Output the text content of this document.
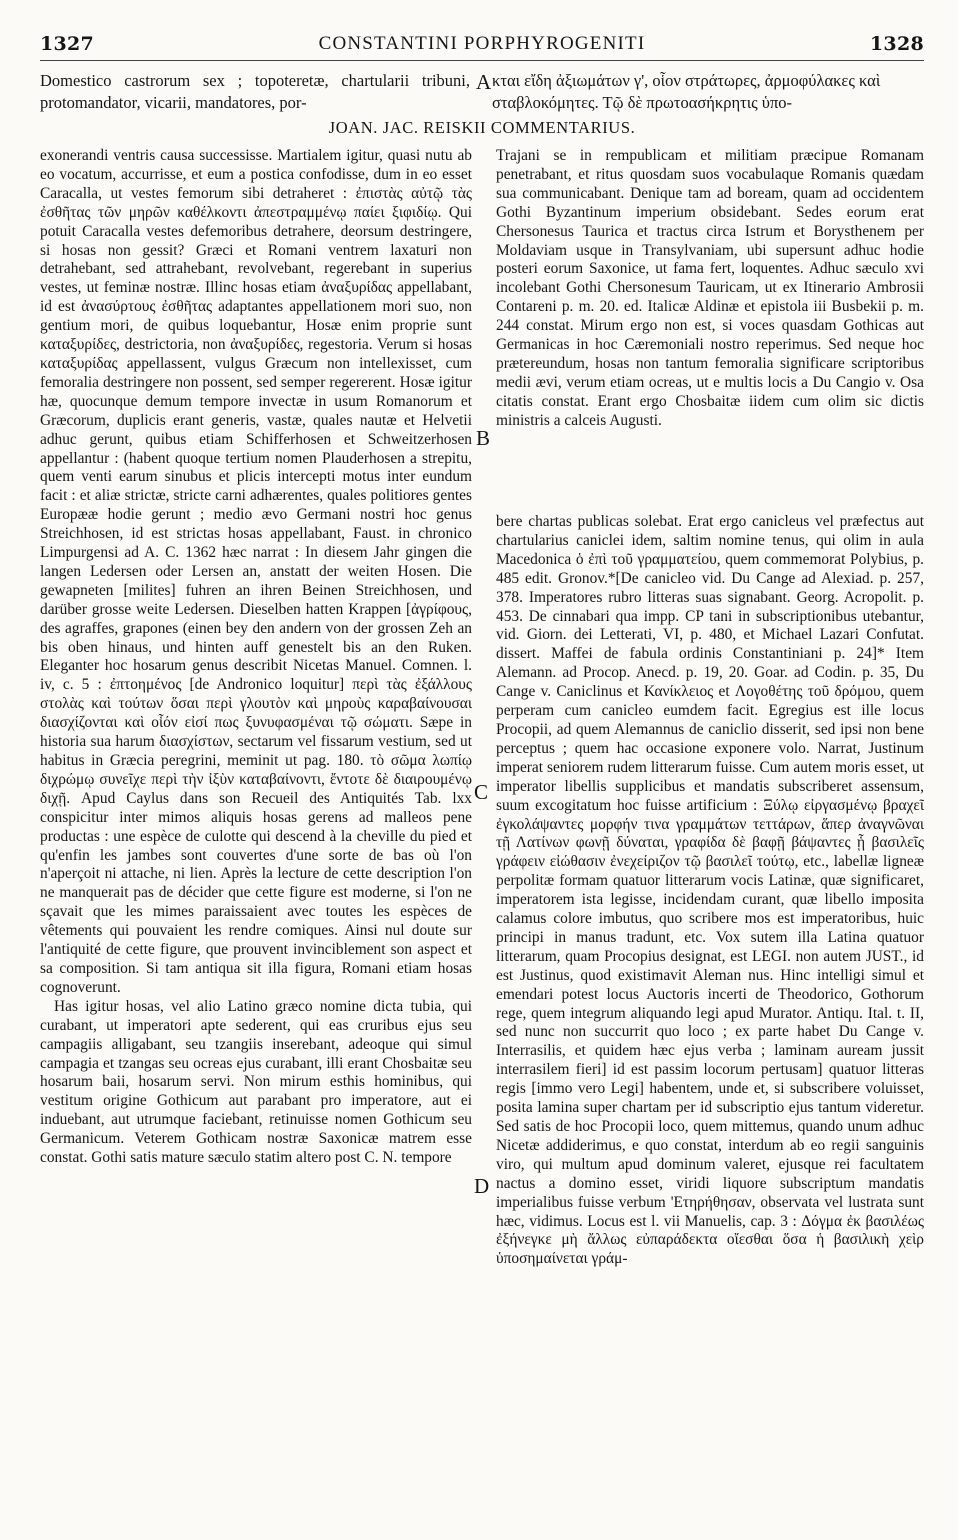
1327	CONSTANTINI PORPHYROGENITI	1328
Domestico castrorum sex ; topoteretæ, chartularii tribuni, protomandator, vicarii, mandatores, por-
κται εἴδη ἀξιωμάτων γ', οἷον στράτωρες, ἀρμοφύλακες καὶ σταβλοκόμητες. Τῷ δὲ πρωτοασήκρητις ὑπο-
JOAN. JAC. REISKII COMMENTARIUS.
A
B
C
D

exonerandi ventris causa successisse. Martialem igitur, quasi nutu ab eo vocatum, accurrisse, et eum a postica confodisse, dum in eo esset Caracalla, ut vestes femorum sibi detraheret : ἐπιστὰς αὐτῷ τὰς ἐσθῆτας τῶν μηρῶν καθέλκοντι ἀπεστραμμένῳ παίει ξιφιδίῳ. Qui potuit Caracalla vestes defemoribus detrahere, deorsum destringere, si hosas non gessit? Græci et Romani ventrem laxaturi non detrahebant, sed attrahebant, revolvebant, regerebant in superius vestes, ut feminæ nostræ. Illinc hosas etiam ἀναξυρίδας appellabant, id est ἀνασύρτους ἐσθῆτας adaptantes appellationem mori suo, non gentium mori, de quibus loquebantur, Hosæ enim proprie sunt καταξυρίδες, destrictoria, non ἀναξυρίδες, regestoria. Verum si hosas καταξυρίδας appellassent, vulgus Græcum non intellexisset, cum femoralia destringere non possent, sed semper regererent. Hosæ igitur hæ, quocunque demum tempore invectæ in usum Romanorum et Græcorum, duplicis erant generis, vastæ, quales nautæ et Helvetii adhuc gerunt, quibus etiam Schifferhosen et Schweitzerhosen appellantur : (habent quoque tertium nomen Plauderhosen a strepitu, quem venti earum sinubus et plicis intercepti motus inter eundum facit : et aliæ strictæ, stricte carni adhærentes, quales politiores gentes Europææ hodie gerunt ; medio ævo Germani nostri hoc genus Streichhosen, id est strictas hosas appellabant, Faust. in chronico Limpurgensi ad A. C. 1362 hæc narrat : In diesem Jahr gingen die langen Ledersen oder Lersen an, anstatt der weiten Hosen. Die gewapneten [milites] fuhren an ihren Beinen Streichhosen, und darüber grosse weite Ledersen. Dieselben hatten Krappen [ἀγρίφους, des agraffes, grapones (einen bey den andern von der grossen Zeh an bis oben hinaus, und hinten auff genestelt bis an den Ruken. Eleganter hoc hosarum genus describit Nicetas Manuel. Comnen. l. iv, c. 5 : ἐπτοημένος [de Andronico loquitur] περὶ τὰς ἐξάλλους στολὰς καὶ τούτων ὅσαι περὶ γλουτὸν καὶ μηροὺς καραβαίνουσαι διασχίζονται καὶ οἷόν εἰσί πως ξυνυφασμέναι τῷ σώματι. Sæpe in historia sua harum διασχίστων, sectarum vel fissarum vestium, sed ut habitus in Græcia peregrini, meminit ut pag. 180. τὸ σῶμα λωπίῳ διχρώμῳ συνεῖχε περὶ τὴν ἰξὺν καταβαίνοντι, ἔντοτε δὲ διαιρουμένῳ διχῇ. Apud Caylus dans son Recueil des Antiquités Tab. lxx conspicitur inter mimos aliquis hosas gerens ad malleos pene productas : une espèce de culotte qui descend à la cheville du pied et qu'enfin les jambes sont couvertes d'une sorte de bas où l'on n'aperçoit ni attache, ni lien. Après la lecture de cette description l'on ne manquerait pas de décider que cette figure est moderne, si l'on ne sçavait que les mimes paraissaient avec toutes les espèces de vêtements qui pouvaient les rendre comiques. Ainsi nul doute sur l'antiquité de cette figure, que prouvent invinciblement son aspect et sa composition. Si tam antiqua sit illa figura, Romani etiam hosas cognoverunt.

Has igitur hosas, vel alio Latino græco nomine dicta tubia, qui curabant, ut imperatori apte sederent, qui eas cruribus ejus seu campagiis alligabant, seu tzangiis inserebant, adeoque qui simul campagia et tzangas seu ocreas ejus curabant, illi erant Chosbaitæ seu hosarum baii, hosarum servi. Non mirum esthis hominibus, qui vestitum origine Gothicum aut parabant pro imperatore, aut ei induebant, aut utrumque faciebant, retinuisse nomen Gothicum seu Germanicum. Veterem Gothicam nostræ Saxonicæ matrem esse constat. Gothi satis mature sæculo statim altero post C. N. tempore

Trajani se in rempublicam et militiam præcipue Romanam penetrabant, et ritus quosdam suos vocabulaque Romanis quædam sua communicabant. Denique tam ad boream, quam ad occidentem Gothi Byzantinum imperium obsidebant. Sedes eorum erat Chersonesus Taurica et tractus circa Istrum et Borysthenem per Moldaviam usque in Transylvaniam, ubi supersunt adhuc hodie posteri eorum Saxonice, ut fama fert, loquentes. Adhuc sæculo xvi incolebant Gothi Chersonesum Tauricam, ut ex Itinerario Ambrosii Contareni p. m. 20. ed. Italicæ Aldinæ et epistola iii Busbekii p. m. 244 constat. Mirum ergo non est, si voces quasdam Gothicas aut Germanicas in hoc Cæremoniali nostro reperimus. Sed neque hoc prætereundum, hosas non tantum femoralia significare scriptoribus medii ævi, verum etiam ocreas, ut e multis locis a Du Cangio v. Osa citatis constat. Erant ergo Chosbaitæ iidem cum olim sic dictis ministris a calceis Augusti.

bere chartas publicas solebat. Erat ergo canicleus vel præfectus aut chartularius caniclei idem, saltim nomine tenus, qui olim in aula Macedonica ὁ ἐπὶ τοῦ γραμματείου, quem commemorat Polybius, p. 485 edit. Gronov.*[De canicleo vid. Du Cange ad Alexiad. p. 257, 378. Imperatores rubro litteras suas signabant. Georg. Acropolit. p. 453. De cinnabari qua impp. CP tani in subscriptionibus utebantur, vid. Giorn. dei Letterati, VI, p. 480, et Michael Lazari Confutat. dissert. Maffei de fabula ordinis Constantiniani p. 24]* Item Alemann. ad Procop. Anecd. p. 19, 20. Goar. ad Codin. p. 35, Du Cange v. Caniclinus et Κανίκλειος et Λογοθέτης τοῦ δρόμου, quem perperam cum canicleo eumdem facit. Egregius est ille locus Procopii, ad quem Alemannus de caniclio disserit, sed ipsi non bene perceptus ; quem hac occasione exponere volo. Narrat, Justinum imperat seniorem rudem litterarum fuisse. Cum autem moris esset, ut imperator libellis supplicibus et mandatis subscriberet assensum, suum excogitatum hoc fuisse artificium : Ξύλῳ εἰργασμένῳ βραχεῖ ἐγκολάψαντες μορφήν τινα γραμμάτων τεττάρων, ἅπερ ἀναγνῶναι τῇ Λατίνων φωνῇ δύναται, γραφίδα δὲ βαφῇ βάψαντες ᾗ βασιλεῖς γράφειν εἰώθασιν ἐνεχείριζον τῷ βασιλεῖ τούτῳ, etc., labellæ ligneæ perpolitæ formam quatuor litterarum vocis Latinæ, quæ significaret, imperatorem ista legisse, incidendam curant, quæ libello imposita calamus colore imbutus, quo scribere mos est imperatoribus, huic principi in manus tradunt, etc. Vox sutem illa Latina quatuor litterarum, quam Procopius designat, est LEGI. non autem JUST., id est Justinus, quod existimavit Aleman nus. Hinc intelligi simul et emendari potest locus Auctoris incerti de Theodorico, Gothorum rege, quem integrum aliquando legi apud Murator. Antiqu. Ital. t. II, sed nunc non succurrit quo loco ; ex parte habet Du Cange v. Interrasilis, et quidem hæc ejus verba ; laminam auream jussit interrasilem fieri] id est passim locorum pertusam] quatuor litteras regis [immo vero Legi] habentem, unde et, si subscribere voluisset, posita lamina super chartam per id subscriptio ejus tantum videretur. Sed satis de hoc Procopii loco, quem mittemus, quando unum adhuc Nicetæ addiderimus, e quo constat, interdum ab eo regii sanguinis viro, qui multum apud dominum valeret, ejusque rei facultatem nactus a domino esset, viridi liquore subscriptum mandatis imperialibus fuisse verbum 'Ετηρήθησαν, observata vel lustrata sunt hæc, vidimus. Locus est l. vii Manuelis, cap. 3 : Δόγμα ἐκ βασιλέως ἐξήνεγκε μὴ ἄλλως εὐπαράδεκτα οἴεσθαι ὅσα ἡ βασιλικὴ χεὶρ ὑποσημαίνεται γράμ-
